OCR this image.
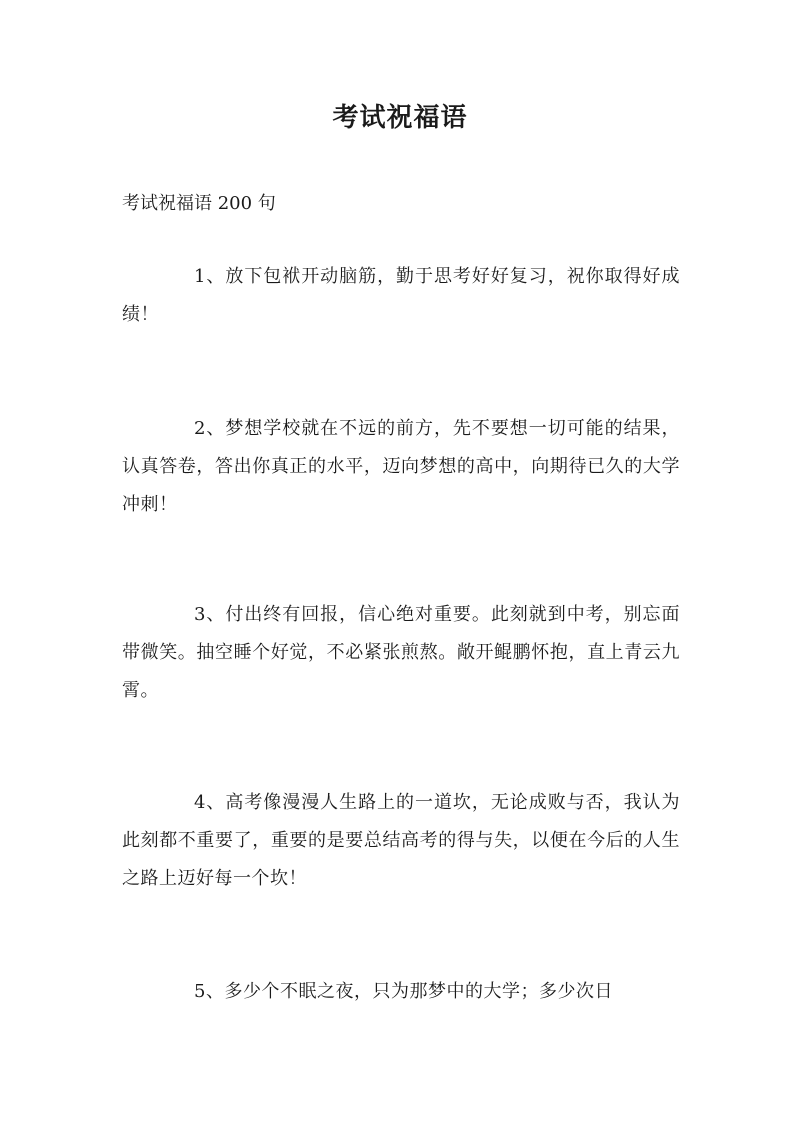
考试祝福语
考试祝福语 200 句

1、放下包袱开动脑筋，勤于思考好好复习，祝你取得好成绩！

2、梦想学校就在不远的前方，先不要想一切可能的结果，认真答卷，答出你真正的水平，迈向梦想的高中，向期待已久的大学冲刺！

3、付出终有回报，信心绝对重要。此刻就到中考，别忘面带微笑。抽空睡个好觉，不必紧张煎熬。敞开鲲鹏怀抱，直上青云九霄。

4、高考像漫漫人生路上的一道坎，无论成败与否，我认为此刻都不重要了，重要的是要总结高考的得与失，以便在今后的人生之路上迈好每一个坎！

5、多少个不眠之夜，只为那梦中的大学；多少次日
